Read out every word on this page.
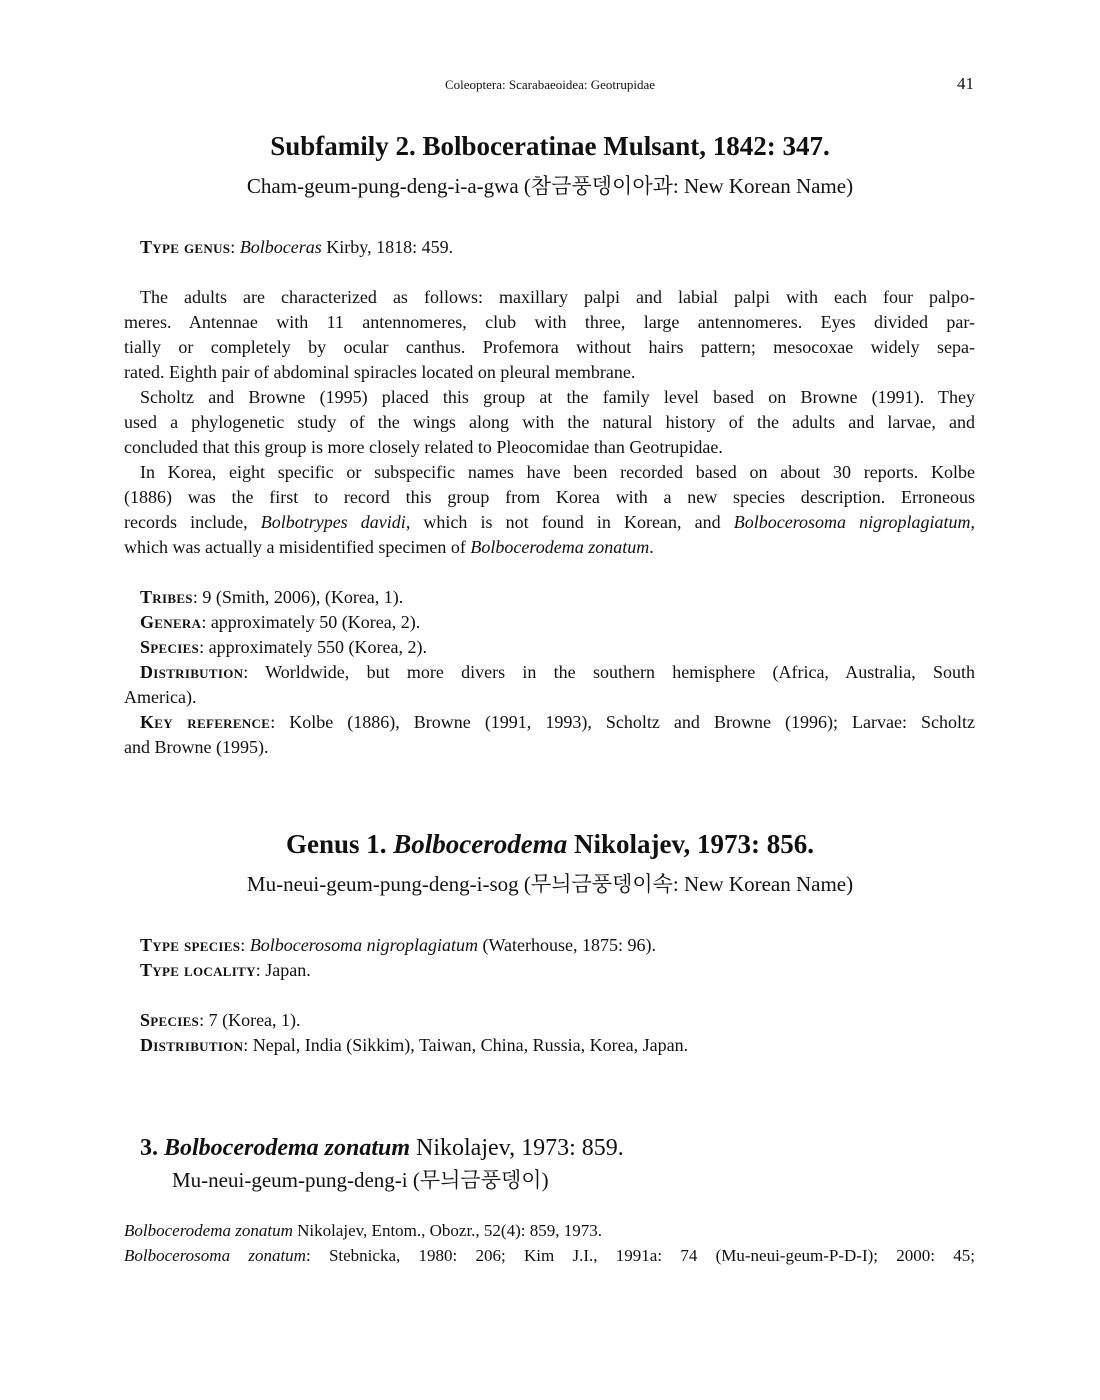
Coleoptera: Scarabaeoidea: Geotrupidae	41
Subfamily 2. Bolboceratinae Mulsant, 1842: 347.
Cham-geum-pung-deng-i-a-gwa (참금풍뎅이아과: New Korean Name)
Type genus: Bolboceras Kirby, 1818: 459.
The adults are characterized as follows: maxillary palpi and labial palpi with each four palpo-
meres. Antennae with 11 antennomeres, club with three, large antennomeres. Eyes divided par-
tially or completely by ocular canthus. Profemora without hairs pattern; mesocoxae widely sepa-
rated. Eighth pair of abdominal spiracles located on pleural membrane.
Scholtz and Browne (1995) placed this group at the family level based on Browne (1991). They
used a phylogenetic study of the wings along with the natural history of the adults and larvae, and
concluded that this group is more closely related to Pleocomidae than Geotrupidae.
In Korea, eight specific or subspecific names have been recorded based on about 30 reports. Kolbe
(1886) was the first to record this group from Korea with a new species description. Erroneous
records include, Bolbotrypes davidi, which is not found in Korean, and Bolbocerosoma nigroplagiatum,
which was actually a misidentified specimen of Bolbocerodema zonatum.
Tribes: 9 (Smith, 2006), (Korea, 1).
Genera: approximately 50 (Korea, 2).
Species: approximately 550 (Korea, 2).
Distribution: Worldwide, but more divers in the southern hemisphere (Africa, Australia, South
America).
Key reference: Kolbe (1886), Browne (1991, 1993), Scholtz and Browne (1996); Larvae: Scholtz
and Browne (1995).
Genus 1. Bolbocerodema Nikolajev, 1973: 856.
Mu-neui-geum-pung-deng-i-sog (무늬금풍뎅이속: New Korean Name)
Type species: Bolbocerosoma nigroplagiatum (Waterhouse, 1875: 96).
Type locality: Japan.
Species: 7 (Korea, 1).
Distribution: Nepal, India (Sikkim), Taiwan, China, Russia, Korea, Japan.
3. Bolbocerodema zonatum Nikolajev, 1973: 859.
Mu-neui-geum-pung-deng-i (무늬금풍뎅이)
Bolbocerodema zonatum Nikolajev, Entom., Obozr., 52(4): 859, 1973.
Bolbocerosoma zonatum: Stebnicka, 1980: 206; Kim J.I., 1991a: 74 (Mu-neui-geum-P-D-I); 2000: 45;
